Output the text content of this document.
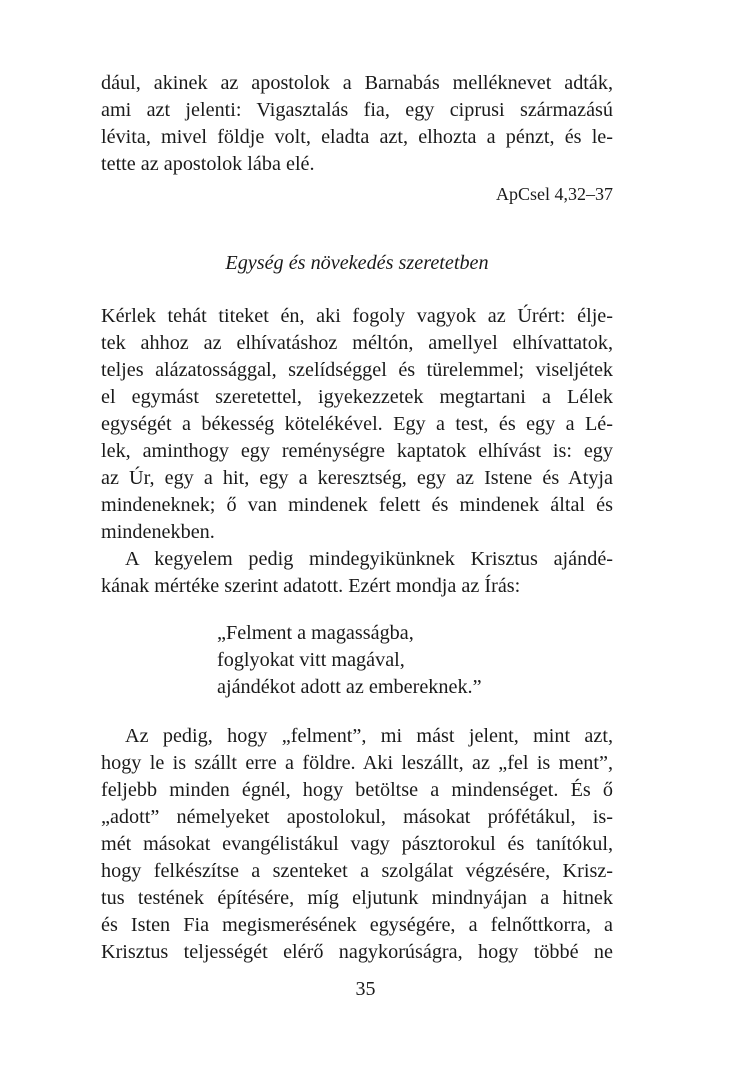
dául, akinek az apostolok a Barnabás melléknevet adták,

ami azt jelenti: Vigasztalás fia, egy ciprusi származású

lévita, mivel földje volt, eladta azt, elhozta a pénzt, és le-

tette az apostolok lába elé.

ApCsel 4,32–37
Egység és növekedés szeretetben

Kérlek tehát titeket én, aki fogoly vagyok az Úrért: élje-

tek ahhoz az elhívatáshoz méltón, amellyel elhívattatok,

teljes alázatossággal, szelídséggel és türelemmel; viseljétek

el egymást szeretettel, igyekezzetek megtartani a Lélek

egységét a békesség kötelékével. Egy a test, és egy a Lé-

lek, aminthogy egy reménységre kaptatok elhívást is: egy

az Úr, egy a hit, egy a keresztség, egy az Istene és Atyja

mindeneknek; ő van mindenek felett és mindenek által és

mindenekben.

A kegyelem pedig mindegyikünknek Krisztus ajándé-

kának mértéke szerint adatott. Ezért mondja az Írás:

„Felment a magasságba,

foglyokat vitt magával,

ajándékot adott az embereknek.”

Az pedig, hogy „felment”, mi mást jelent, mint azt,

hogy le is szállt erre a földre. Aki leszállt, az „fel is ment”,

feljebb minden égnél, hogy betöltse a mindenséget. És ő

„adott” némelyeket apostolokul, másokat prófétákul, is-

mét másokat evangélistákul vagy pásztorokul és tanítókul,

hogy felkészítse a szenteket a szolgálat végzésére, Krisz-

tus testének építésére, míg eljutunk mindnyájan a hitnek

és Isten Fia megismerésének egységére, a felnőttkorra, a

Krisztus teljességét elérő nagykorúságra, hogy többé ne

35
